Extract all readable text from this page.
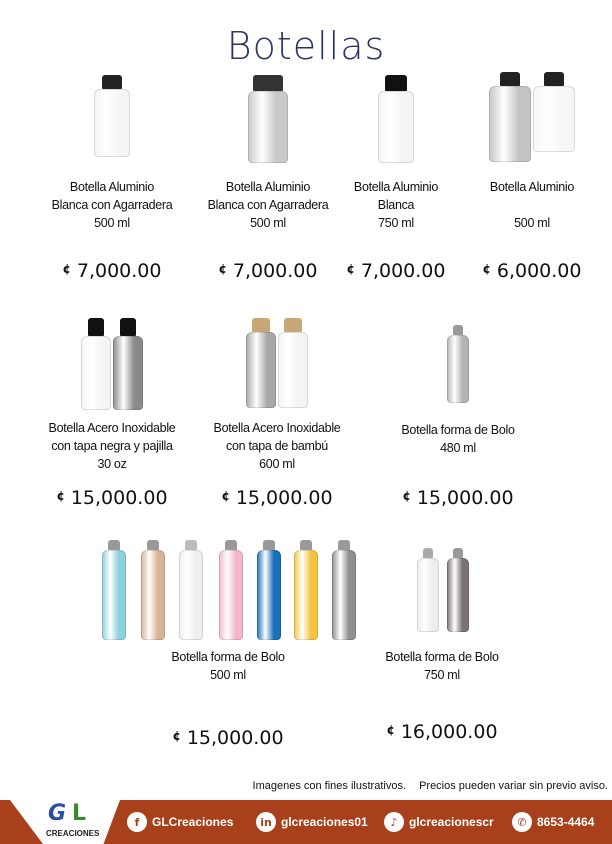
Botellas
Botella Aluminio
Blanca con Agarradera
500 ml
¢ 7,000.00
Botella Aluminio
Blanca con Agarradera
500 ml
¢ 7,000.00
Botella Aluminio
Blanca
750 ml
¢ 7,000.00
Botella Aluminio
500 ml
¢ 6,000.00
Botella Acero Inoxidable
con tapa negra y pajilla
30 oz
¢ 15,000.00
Botella Acero Inoxidable
con tapa de bambú
600 ml
¢ 15,000.00
Botella forma de Bolo
480 ml
¢ 15,000.00
Botella forma de Bolo
500 ml
¢ 15,000.00
Botella forma de Bolo
750 ml
¢ 16,000.00
Imagenes con fines ilustrativos. Precios pueden variar sin previo aviso.
G L
CREACIONES
f	GLCreaciones	in glcreaciones01	♪ glcreacionescr	✆ 8653-4464
